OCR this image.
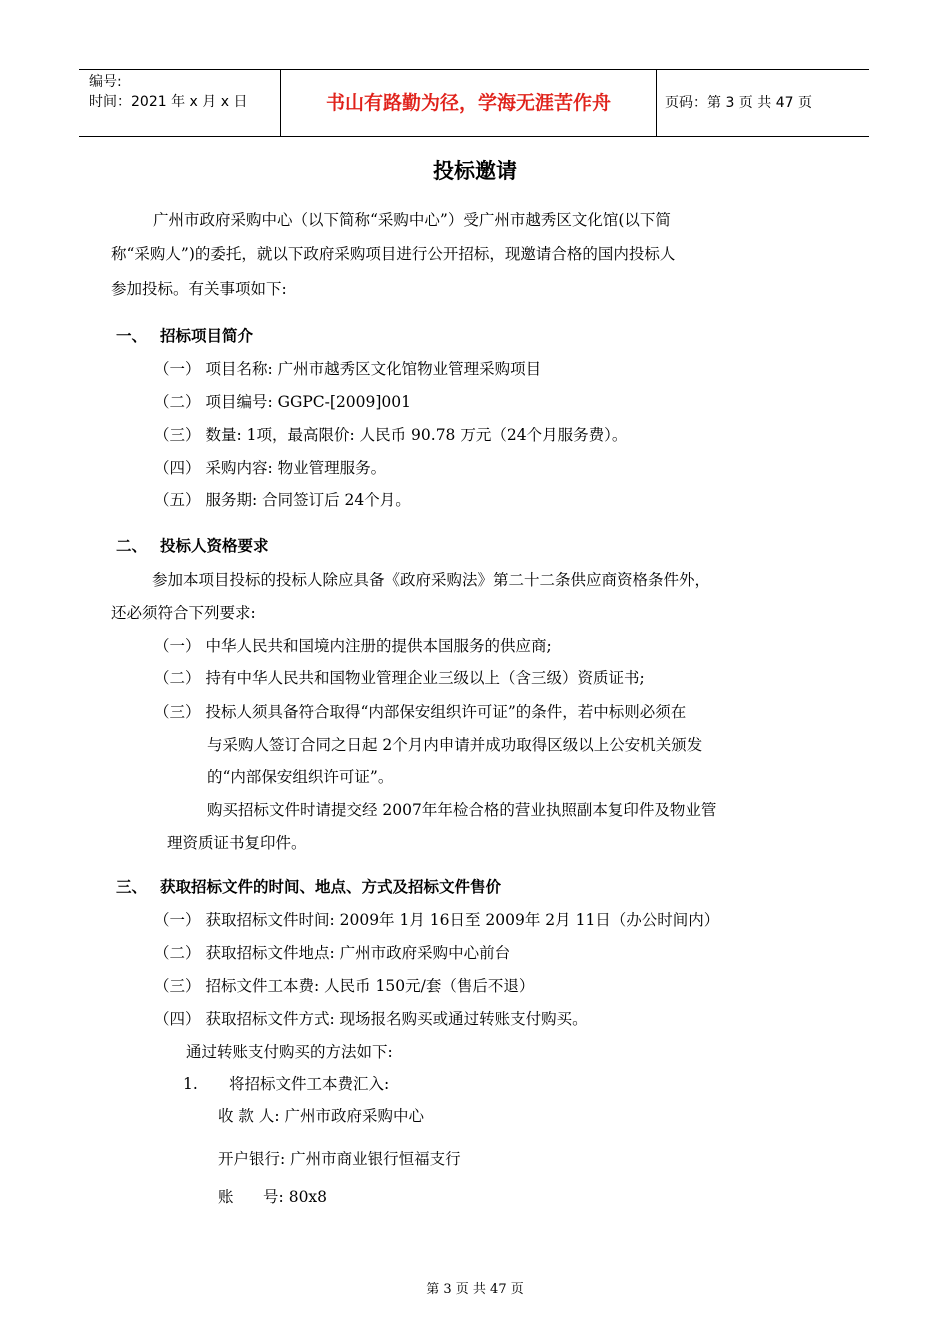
编号:
时间：2021 年 x 月 x 日	书山有路勤为径，学海无涯苦作舟	页码：第 3 页 共 47 页
投标邀请
广州市政府采购中心（以下简称“采购中心”）受广州市越秀区文化馆(以下简
称“采购人”)的委托，就以下政府采购项目进行公开招标，现邀请合格的国内投标人
参加投标。有关事项如下:
一、 招标项目简介
（一） 项目名称: 广州市越秀区文化馆物业管理采购项目
（二） 项目编号: GGPC-[2009]001
（三） 数量: 1项，最高限价: 人民币 90.78 万元（24个月服务费）。
（四） 采购内容: 物业管理服务。
（五） 服务期: 合同签订后 24个月。
二、 投标人资格要求
参加本项目投标的投标人除应具备《政府采购法》第二十二条供应商资格条件外，
还必须符合下列要求:
（一） 中华人民共和国境内注册的提供本国服务的供应商;
（二） 持有中华人民共和国物业管理企业三级以上（含三级）资质证书;
（三） 投标人须具备符合取得“内部保安组织许可证”的条件，若中标则必须在
与采购人签订合同之日起 2个月内申请并成功取得区级以上公安机关颁发
的“内部保安组织许可证”。
购买招标文件时请提交经 2007年年检合格的营业执照副本复印件及物业管
理资质证书复印件。
三、 获取招标文件的时间、地点、方式及招标文件售价
（一） 获取招标文件时间: 2009年 1月 16日至 2009年 2月 11日（办公时间内）
（二） 获取招标文件地点: 广州市政府采购中心前台
（三） 招标文件工本费: 人民币 150元/套（售后不退）
（四） 获取招标文件方式: 现场报名购买或通过转账支付购买。
通过转账支付购买的方法如下:
1. 将招标文件工本费汇入:
收 款 人: 广州市政府采购中心
开户银行: 广州市商业银行恒福支行
账      号: 80x8
第 3 页 共 47 页
